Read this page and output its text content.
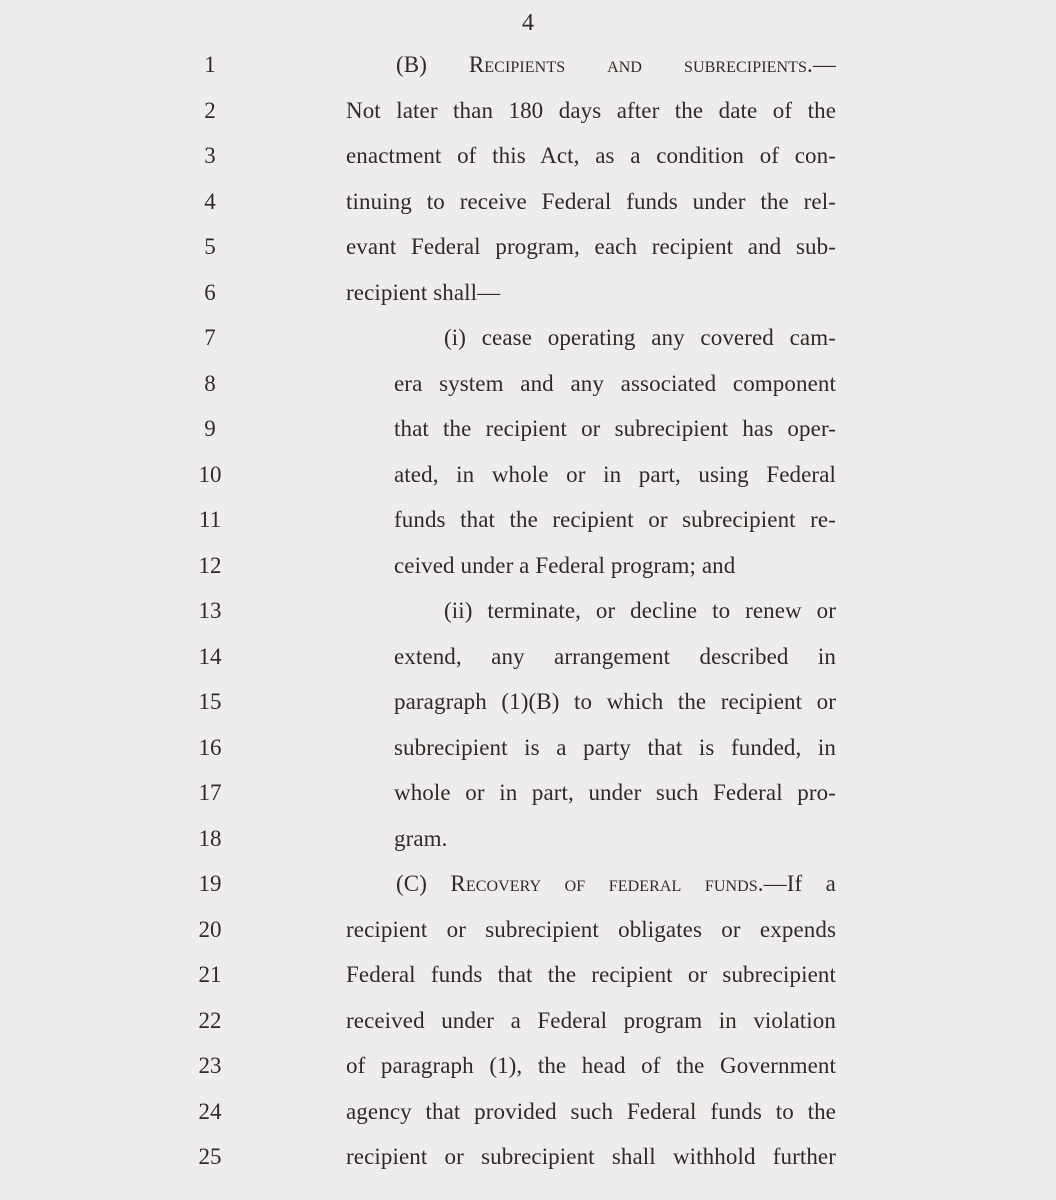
4
1	(B) Recipients and subrecipients.—
2	Not later than 180 days after the date of the
3	enactment of this Act, as a condition of con-
4	tinuing to receive Federal funds under the rel-
5	evant Federal program, each recipient and sub-
6	recipient shall—
7	(i) cease operating any covered cam-
8	era system and any associated component
9	that the recipient or subrecipient has oper-
10	ated, in whole or in part, using Federal
11	funds that the recipient or subrecipient re-
12	ceived under a Federal program; and
13	(ii) terminate, or decline to renew or
14	extend, any arrangement described in
15	paragraph (1)(B) to which the recipient or
16	subrecipient is a party that is funded, in
17	whole or in part, under such Federal pro-
18	gram.
19	(C) Recovery of federal funds.—If a
20	recipient or subrecipient obligates or expends
21	Federal funds that the recipient or subrecipient
22	received under a Federal program in violation
23	of paragraph (1), the head of the Government
24	agency that provided such Federal funds to the
25	recipient or subrecipient shall withhold further
